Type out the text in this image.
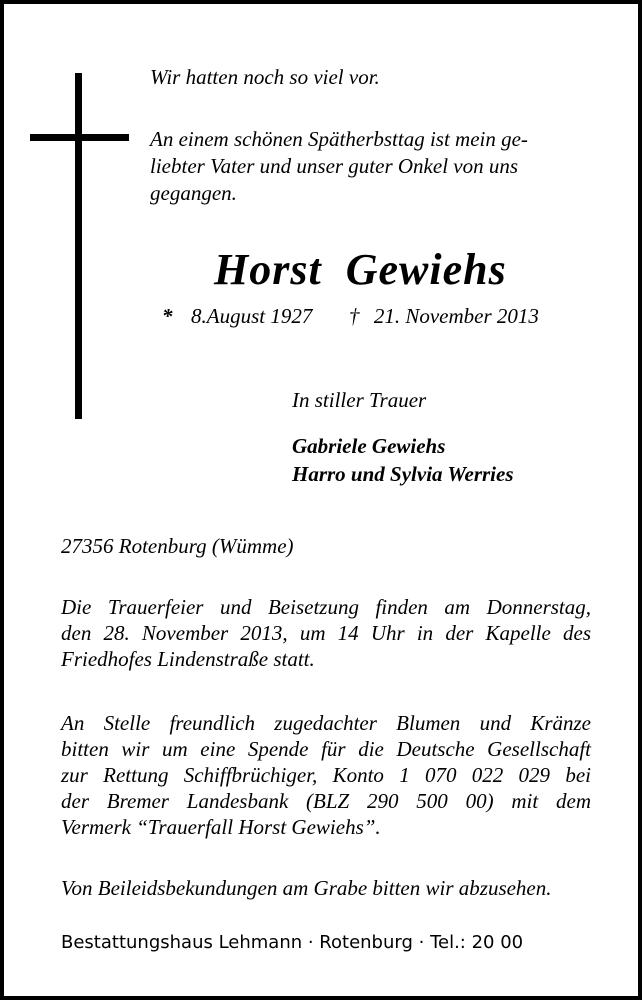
Wir hatten noch so viel vor.

An einem schönen Spätherbsttag ist mein ge-
liebter Vater und unser guter Onkel von uns
gegangen.
Horst Gewiehs
* 8.August 1927 † 21. November 2013

In stiller Trauer

Gabriele Gewiehs
Harro und Sylvia Werries

27356 Rotenburg (Wümme)

Die Trauerfeier und Beisetzung finden am Donnerstag,
den 28. November 2013, um 14 Uhr in der Kapelle des
Friedhofes Lindenstraße statt.
An Stelle freundlich zugedachter Blumen und Kränze
bitten wir um eine Spende für die Deutsche Gesellschaft
zur Rettung Schiffbrüchiger, Konto 1 070 022 029 bei
der Bremer Landesbank (BLZ 290 500 00) mit dem
Vermerk “Trauerfall Horst Gewiehs”.

Von Beileidsbekundungen am Grabe bitten wir abzusehen.

Bestattungshaus Lehmann · Rotenburg · Tel.: 20 00
